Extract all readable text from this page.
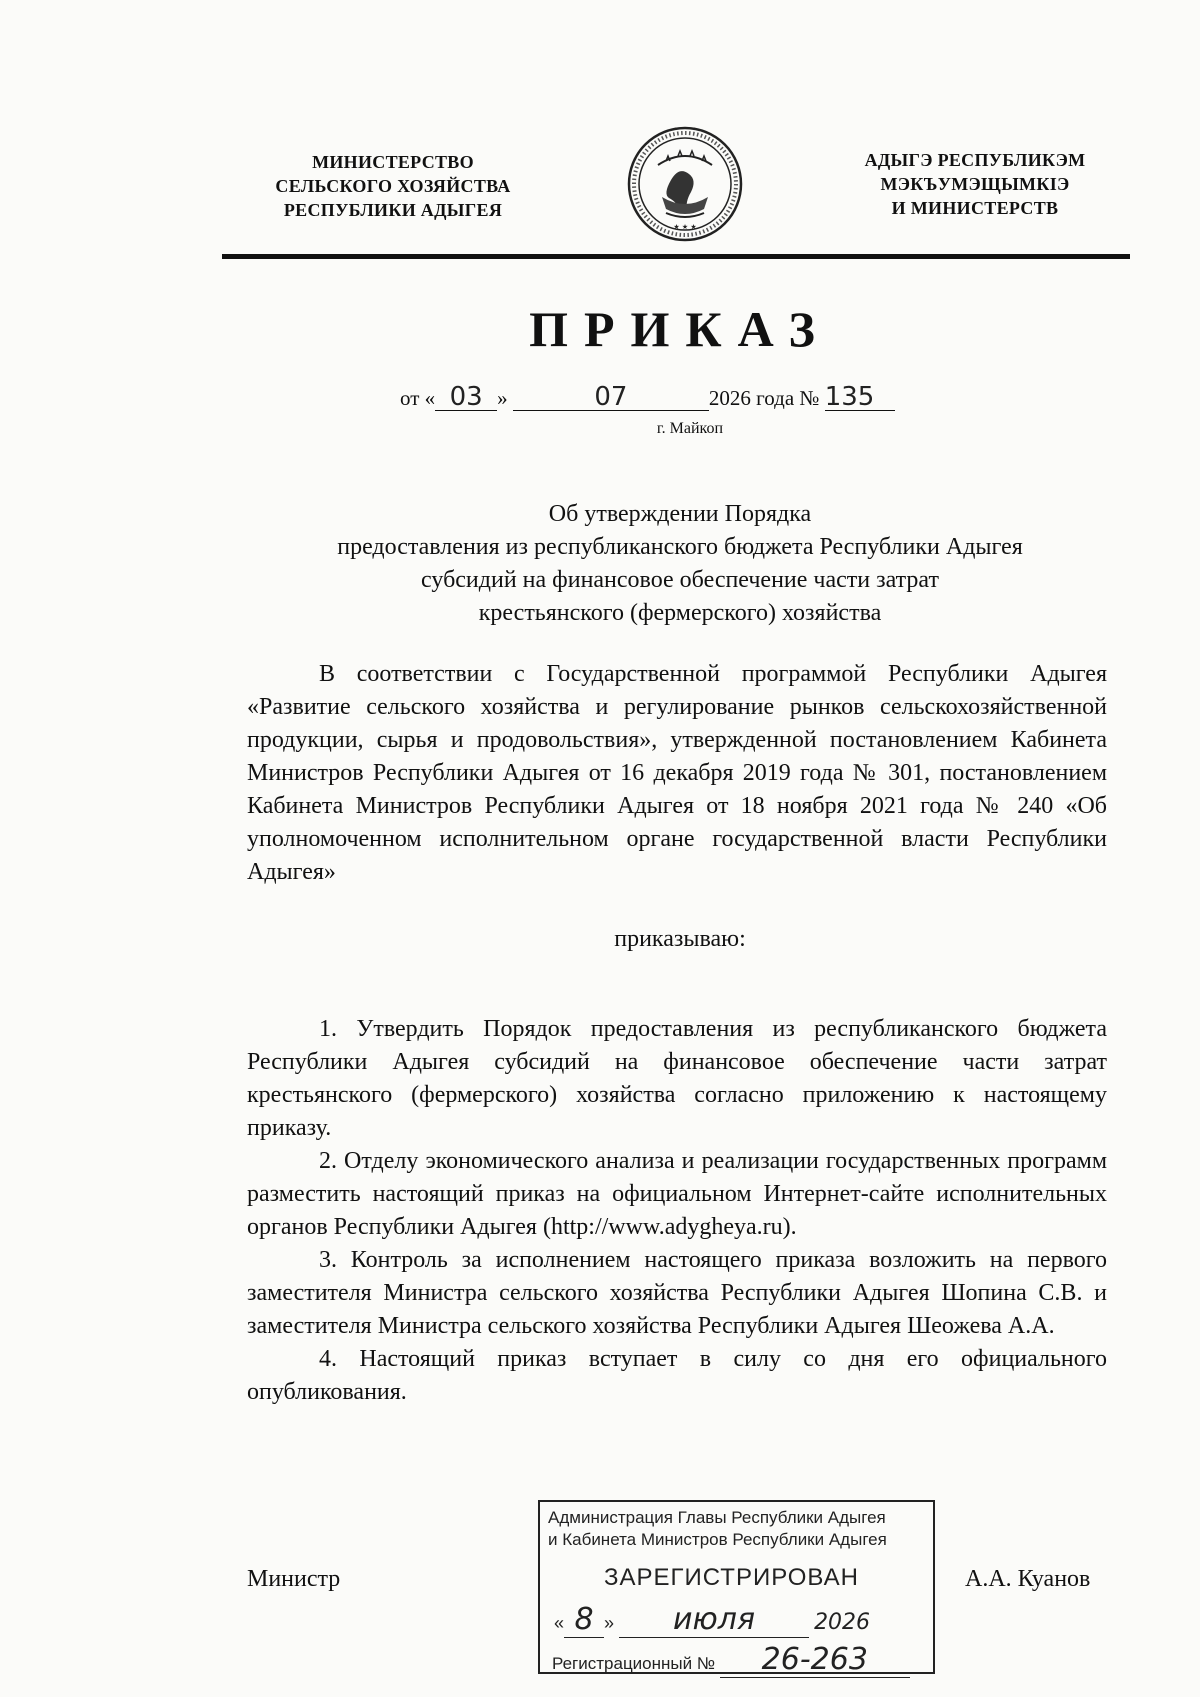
МИНИСТЕРСТВО
СЕЛЬСКОГО ХОЗЯЙСТВА
РЕСПУБЛИКИ АДЫГЕЯ
★ ★ ★
АДЫГЭ РЕСПУБЛИКЭМ
МЭКЪУМЭЩЫМКIЭ
И МИНИСТЕРСТВ
ПРИКАЗ
от « 03 »	07	2026 года № 135
г. Майкоп
Об утверждении Порядка
предоставления из республиканского бюджета Республики Адыгея
субсидий на финансовое обеспечение части затрат
крестьянского (фермерского) хозяйства

В соответствии с Государственной программой Республики Адыгея «Развитие сельского хозяйства и регулирование рынков сельскохозяйственной продукции, сырья и продовольствия», утвержденной постановлением Кабинета Министров Республики Адыгея от 16 декабря 2019 года № 301, постановлением Кабинета Министров Республики Адыгея от 18 ноября 2021 года № 240 «Об уполномоченном исполнительном органе государственной власти Республики Адыгея»

приказываю:

1. Утвердить Порядок предоставления из республиканского бюджета Республики Адыгея субсидий на финансовое обеспечение части затрат крестьянского (фермерского) хозяйства согласно приложению к настоящему приказу.

2. Отделу экономического анализа и реализации государственных программ разместить настоящий приказ на официальном Интернет-сайте исполнительных органов Республики Адыгея (http://www.adygheya.ru).

3. Контроль за исполнением настоящего приказа возложить на первого заместителя Министра сельского хозяйства Республики Адыгея Шопина С.В. и заместителя Министра сельского хозяйства Республики Адыгея Шеожева А.А.

4. Настоящий приказ вступает в силу со дня его официального опубликования.

Министр	А.А. Куанов
Администрация Главы Республики Адыгея
и Кабинета Министров Республики Адыгея
ЗАРЕГИСТРИРОВАН
« 8 » июля	2026
Регистрационный № 26-263
